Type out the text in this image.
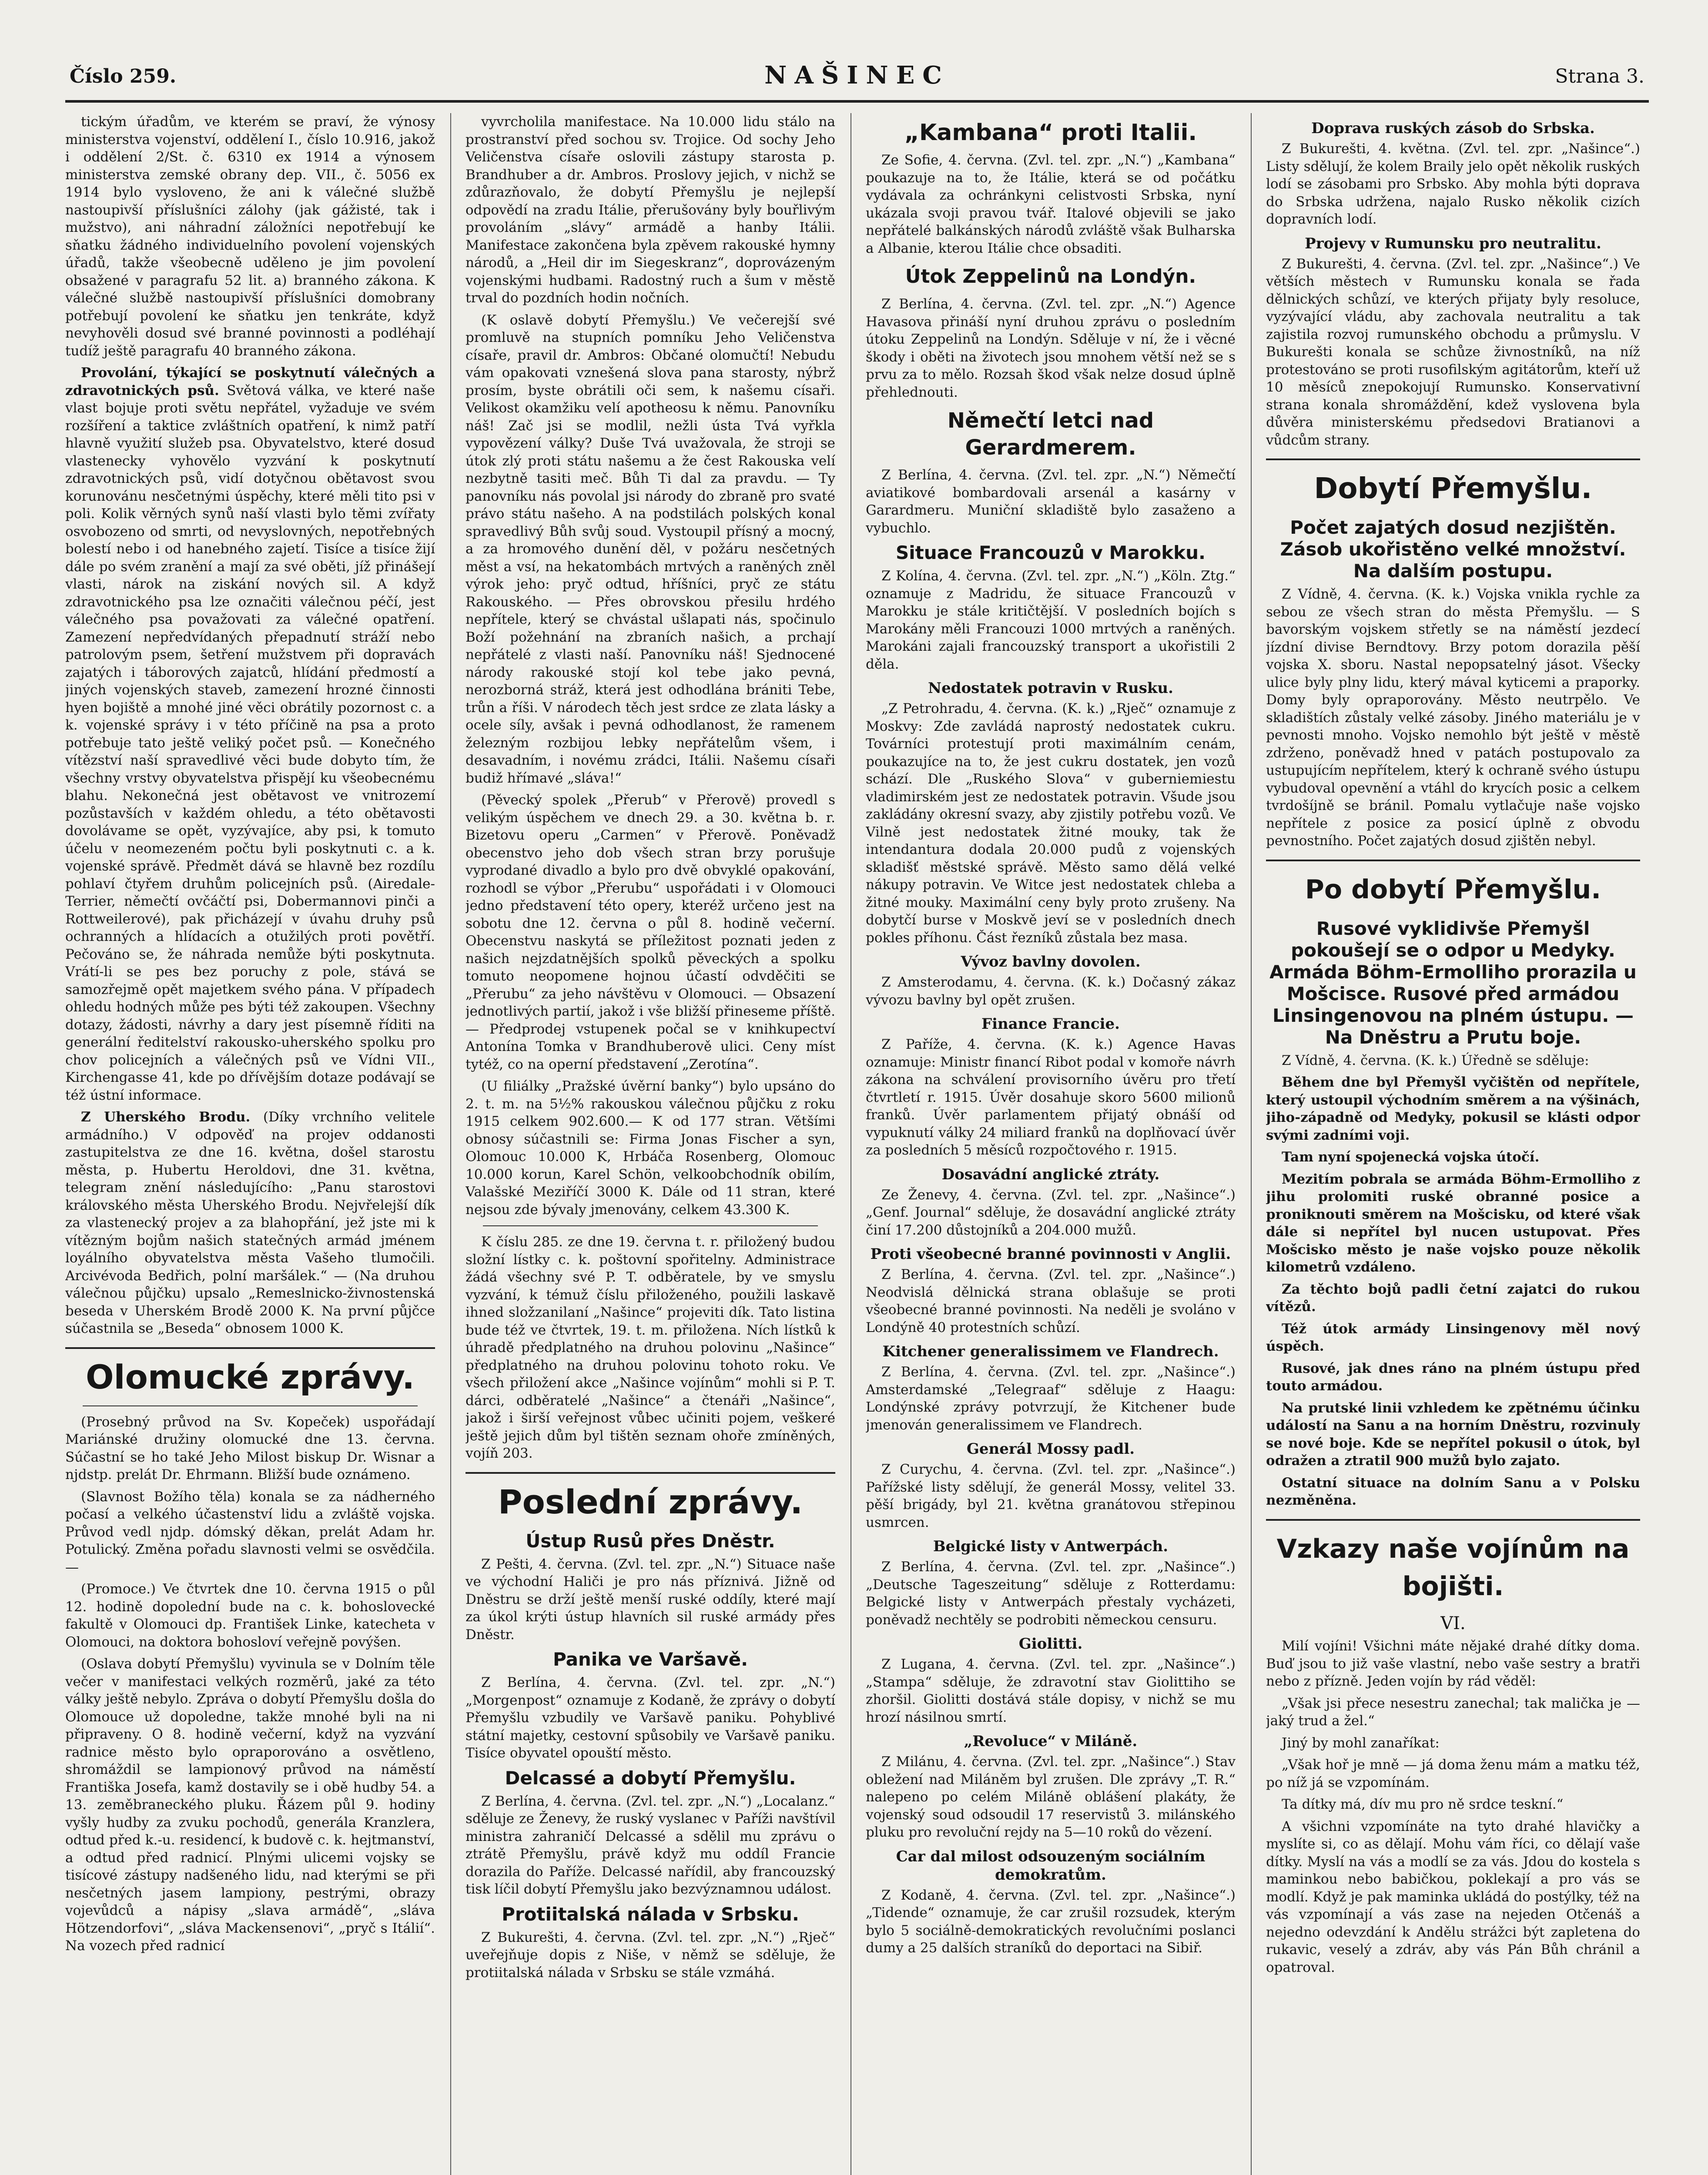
Číslo 259.	NAŠINEC	Strana 3.

tickým úřadům, ve kterém se praví, že výnosy ministerstva vojenství, oddělení I., číslo 10.916, jakož i oddělení 2/St. č. 6310 ex 1914 a výnosem ministerstva zemské obrany dep. VII., č. 5056 ex 1914 bylo vysloveno, že ani k válečné službě nastoupivší příslušníci zálohy (jak gážisté, tak i mužstvo), ani náhradní záložníci nepotřebují ke sňatku žádného individuelního povolení vojenských úřadů, takže všeobecně uděleno je jim povolení obsažené v paragrafu 52 lit. a) branného zákona. K válečné službě nastoupivší příslušníci domobrany potřebují povolení ke sňatku jen tenkráte, když nevyhověli dosud své branné povinnosti a podléhají tudíž ještě paragrafu 40 branného zákona.

Provolání, týkající se poskytnutí válečných a zdravotnických psů. Světová válka, ve které naše vlast bojuje proti světu nepřátel, vyžaduje ve svém rozšíření a taktice zvláštních opatření, k nimž patří hlavně využití služeb psa. Obyvatelstvo, které dosud vlastenecky vyhovělo vyzvání k poskytnutí zdravotnických psů, vidí dotyčnou obětavost svou korunovánu nesčetnými úspěchy, které měli tito psi v poli. Kolik věrných synů naší vlasti bylo těmi zvířaty osvobozeno od smrti, od nevyslovných, nepotřebných bolestí nebo i od hanebného zajetí. Tisíce a tisíce žijí dále po svém zranění a mají za své oběti, jíž přinášejí vlasti, nárok na ziskání nových sil. A když zdravotnického psa lze označiti válečnou péčí, jest válečného psa považovati za válečné opatření. Zamezení nepředvídaných přepadnutí stráží nebo patrolovým psem, šetření mužstvem při dopravách zajatých i táborových zajatců, hlídání předmostí a jiných vojenských staveb, zamezení hrozné činnosti hyen bojiště a mnohé jiné věci obrátily pozornost c. a k. vojenské správy i v této příčině na psa a proto potřebuje tato ještě veliký počet psů. — Konečného vítězství naší spravedlivé věci bude dobyto tím, že všechny vrstvy obyvatelstva přispějí ku všeobecnému blahu. Nekonečná jest obětavost ve vnitrozemí pozůstavších v každém ohledu, a této obětavosti dovolávame se opět, vyzývajíce, aby psi, k tomuto účelu v neomezeném počtu byli poskytnuti c. a k. vojenské správě. Předmět dává se hlavně bez rozdílu pohlaví čtyřem druhům policejních psů. (Airedale-Terrier, němečtí ovčáčtí psi, Dobermannovi pinči a Rottweilerové), pak přicházejí v úvahu druhy psů ochranných a hlídacích a otužilých proti povětří. Pečováno se, že náhrada nemůže býti poskytnuta. Vrátí-li se pes bez poruchy z pole, stává se samozřejmě opět majetkem svého pána. V případech ohledu hodných může pes býti též zakoupen. Všechny dotazy, žádosti, návrhy a dary jest písemně říditi na generální ředitelství rakousko-uherského spolku pro chov policejních a válečných psů ve Vídni VII., Kirchengasse 41, kde po dřívějším dotaze podávají se též ústní informace.

Z Uherského Brodu. (Díky vrchního velitele armádního.) V odpověď na projev oddanosti zastupitelstva ze dne 16. května, došel starostu města, p. Hubertu Heroldovi, dne 31. května, telegram znění následujícího: „Panu starostovi královského města Uherského Brodu. Nejvřelejší dík za vlastenecký projev a za blahopřání, jež jste mi k vítězným bojům našich statečných armád jménem loyálního obyvatelstva města Vašeho tlumočili. Arcivévoda Bedřich, polní maršálek.“ — (Na druhou válečnou půjčku) upsalo „Remeslnicko-živnostenská beseda v Uherském Brodě 2000 K. Na první půjčce súčastnila se „Beseda“ obnosem 1000 K.

Olomucké zprávy.

(Prosebný průvod na Sv. Kopeček) uspořádají Mariánské družiny olomucké dne 13. června. Súčastní se ho také Jeho Milost biskup Dr. Wisnar a njdstp. prelát Dr. Ehrmann. Bližší bude oznámeno.

(Slavnost Božího těla) konala se za nádherného počasí a velkého účastenství lidu a zvláště vojska. Průvod vedl njdp. dómský děkan, prelát Adam hr. Potulický. Změna pořadu slavnosti velmi se osvědčila. —

(Promoce.) Ve čtvrtek dne 10. června 1915 o půl 12. hodině dopolední bude na c. k. bohoslovecké fakultě v Olomouci dp. František Linke, katecheta v Olomouci, na doktora bohosloví veřejně povýšen.

(Oslava dobytí Přemyšlu) vyvinula se v Dolním těle večer v manifestaci velkých rozměrů, jaké za této války ještě nebylo. Zpráva o dobytí Přemyšlu došla do Olomouce už dopoledne, takže mnohé byli na ni připraveny. O 8. hodině večerní, když na vyzvání radnice město bylo opraporováno a osvětleno, shromáždil se lampionový průvod na náměstí Františka Josefa, kamž dostavily se i obě hudby 54. a 13. zeměbraneckého pluku. Řázem půl 9. hodiny vyšly hudby za zvuku pochodů, generála Kranzlera, odtud před k.-u. residencí, k budově c. k. hejtmanství, a odtud před radnicí. Plnými ulicemi vojsky se tisícové zástupy nadšeného lidu, nad kterými se při nesčetných jasem lampiony, pestrými, obrazy vojevůdců a nápisy „slava armádě“, „sláva Hötzendorfovi“, „sláva Mackensenovi“, „pryč s Itálií“. Na vozech před radnicí

vyvrcholila manifestace. Na 10.000 lidu stálo na prostranství před sochou sv. Trojice. Od sochy Jeho Veličenstva císaře oslovili zástupy starosta p. Brandhuber a dr. Ambros. Proslovy jejich, v nichž se zdůrazňovalo, že dobytí Přemyšlu je nejlepší odpovědí na zradu Itálie, přerušovány byly bouřlivým provoláním „slávy“ armádě a hanby Itálii. Manifestace zakončena byla zpěvem rakouské hymny národů, a „Heil dir im Siegeskranz“, doprovázeným vojenskými hudbami. Radostný ruch a šum v městě trval do pozdních hodin nočních.

(K oslavě dobytí Přemyšlu.) Ve večerejší své promluvě na stupních pomníku Jeho Veličenstva císaře, pravil dr. Ambros: Občané olomučtí! Nebudu vám opakovati vznešená slova pana starosty, nýbrž prosím, byste obrátili oči sem, k našemu císaři. Velikost okamžiku velí apotheosu k němu. Panovníku náš! Zač jsi se modlil, nežli ústa Tvá vyřkla vypovězení války? Duše Tvá uvažovala, že stroji se útok zlý proti státu našemu a že čest Rakouska velí nezbytně tasiti meč. Bůh Ti dal za pravdu. — Ty panovníku nás povolal jsi národy do zbraně pro svaté právo státu našeho. A na podstilách polských konal spravedlivý Bůh svůj soud. Vystoupil přísný a mocný, a za hromového dunění děl, v požáru nesčetných měst a vsí, na hekatombách mrtvých a raněných zněl výrok jeho: pryč odtud, hříšníci, pryč ze státu Rakouského. — Přes obrovskou přesilu hrdého nepřítele, který se chvástal ušlapati nás, spočinulo Boží požehnání na zbraních našich, a prchají nepřátelé z vlasti naší. Panovníku náš! Sjednocené národy rakouské stojí kol tebe jako pevná, nerozborná stráž, která jest odhodlána brániti Tebe, trůn a říši. V národech těch jest srdce ze zlata lásky a ocele síly, avšak i pevná odhodlanost, že ramenem železným rozbijou lebky nepřátelům všem, i desavadním, i novému zrádci, Itálii. Našemu císaři budiž hřímavé „sláva!“

(Pěvecký spolek „Přerub“ v Přerově) provedl s velikým úspěchem ve dnech 29. a 30. května b. r. Bizetovu operu „Carmen“ v Přerově. Poněvadž obecenstvo jeho dob všech stran brzy porušuje vyprodané divadlo a bylo pro dvě obvyklé opakování, rozhodl se výbor „Přerubu“ uspořádati i v Olomouci jedno představení této opery, kteréž určeno jest na sobotu dne 12. června o půl 8. hodině večerní. Obecenstvu naskytá se příležitost poznati jeden z našich nejzdatnějších spolků pěveckých a spolku tomuto neopomene hojnou účastí odvděčiti se „Přerubu“ za jeho návštěvu v Olomouci. — Obsazení jednotlivých partií, jakož i vše bližší přineseme příště. — Předprodej vstupenek počal se v knihkupectví Antonína Tomka v Brandhuberově ulici. Ceny míst tytéž, co na operní představení „Zerotína“.

(U filiálky „Pražské úvěrní banky“) bylo upsáno do 2. t. m. na 5½% rakouskou válečnou půjčku z roku 1915 celkem 902.600.— K od 177 stran. Většími obnosy súčastnili se: Firma Jonas Fischer a syn, Olomouc 10.000 K, Hrbáča Rosenberg, Olomouc 10.000 korun, Karel Schön, velkoobchodník obilím, Valašské Meziříčí 3000 K. Dále od 11 stran, které nejsou zde bývaly jmenovány, celkem 43.300 K.

K číslu 285. ze dne 19. června t. r. přiložený budou složní lístky c. k. poštovní spořitelny. Administrace žádá všechny své P. T. odběratele, by ve smyslu vyzvání, k témuž číslu přiloženého, použili laskavě ihned složzanilaní „Našince“ projeviti dík. Tato listina bude též ve čtvrtek, 19. t. m. přiložena. Ních lístků k úhradě předplatného na druhou polovinu „Našince“ předplatného na druhou polovinu tohoto roku. Ve všech přiložení akce „Našince vojínům“ mohli si P. T. dárci, odběratelé „Našince“ a čtenáři „Našince“, jakož i širší veřejnost vůbec učiniti pojem, veškeré ještě jejich dům byl tištěn seznam ohoře zmíněných, vojíň 203.

Poslední zprávy.
Ústup Rusů přes Dněstr.

Z Pešti, 4. června. (Zvl. tel. zpr. „N.“) Situace naše ve východní Haliči je pro nás příznivá. Jižně od Dněstru se drží ještě menší ruské oddíly, které mají za úkol krýti ústup hlavních sil ruské armády přes Dněstr.

Panika ve Varšavě.

Z Berlína, 4. června. (Zvl. tel. zpr. „N.“) „Morgenpost“ oznamuje z Kodaně, že zprávy o dobytí Přemyšlu vzbudily ve Varšavě paniku. Pohyblivé státní majetky, cestovní spůsobily ve Varšavě paniku. Tisíce obyvatel opouští město.

Delcassé a dobytí Přemyšlu.

Z Berlína, 4. června. (Zvl. tel. zpr. „N.“) „Localanz.“ sděluje ze Ženevy, že ruský vyslanec v Paříži navštívil ministra zahraničí Delcassé a sdělil mu zprávu o ztrátě Přemyšlu, právě když mu oddíl Francie dorazila do Paříže. Delcassé nařídil, aby francouzský tisk líčil dobytí Přemyšlu jako bezvýznamnou událost.

Protiitalská nálada v Srbsku.

Z Bukurešti, 4. června. (Zvl. tel. zpr. „N.“) „Rječ“ uveřejňuje dopis z Niše, v němž se sděluje, že protiitalská nálada v Srbsku se stále vzmáhá.

„Kambana“ proti Italii.

Ze Sofie, 4. června. (Zvl. tel. zpr. „N.“) „Kambana“ poukazuje na to, že Itálie, která se od počátku vydávala za ochránkyni celistvosti Srbska, nyní ukázala svoji pravou tvář. Italové objevili se jako nepřátelé balkánských národů zvláště však Bulharska a Albanie, kterou Itálie chce obsaditi.

Útok Zeppelinů na Londýn.

Z Berlína, 4. června. (Zvl. tel. zpr. „N.“) Agence Havasova přináší nyní druhou zprávu o posledním útoku Zeppelinů na Londýn. Sděluje v ní, že i věcné škody i oběti na životech jsou mnohem větší než se s prvu za to mělo. Rozsah škod však nelze dosud úplně přehlednouti.

Němečtí letci nad Gerardmerem.

Z Berlína, 4. června. (Zvl. tel. zpr. „N.“) Němečtí aviatikové bombardovali arsenál a kasárny v Garardmeru. Muniční skladiště bylo zasaženo a vybuchlo.

Situace Francouzů v Marokku.

Z Kolína, 4. června. (Zvl. tel. zpr. „N.“) „Köln. Ztg.“ oznamuje z Madridu, že situace Francouzů v Marokku je stále kritičtější. V posledních bojích s Marokány měli Francouzi 1000 mrtvých a raněných. Marokáni zajali francouzský transport a ukořistili 2 děla.

Nedostatek potravin v Rusku.

„Z Petrohradu, 4. června. (K. k.) „Rječ“ oznamuje z Moskvy: Zde zavládá naprostý nedostatek cukru. Továrníci protestují proti maximálním cenám, poukazujíce na to, že jest cukru dostatek, jen vozů schází. Dle „Ruského Slova“ v guberniemiestu vladimirském jest ze nedostatek potravin. Všude jsou zakládány okresní svazy, aby zjistily potřebu vozů. Ve Vilně jest nedostatek žitné mouky, tak že intendantura dodala 20.000 pudů z vojenských skladišť městské správě. Město samo dělá velké nákupy potravin. Ve Witce jest nedostatek chleba a žitné mouky. Maximální ceny byly proto zrušeny. Na dobytčí burse v Moskvě jeví se v posledních dnech pokles příhonu. Část řezníků zůstala bez masa.

Vývoz bavlny dovolen.

Z Amsterodamu, 4. června. (K. k.) Dočasný zákaz vývozu bavlny byl opět zrušen.

Finance Francie.

Z Paříže, 4. června. (K. k.) Agence Havas oznamuje: Ministr financí Ribot podal v komoře návrh zákona na schválení provisorního úvěru pro třetí čtvrtletí r. 1915. Úvěr dosahuje skoro 5600 milionů franků. Úvěr parlamentem přijatý obnáší od vypuknutí války 24 miliard franků na doplňovací úvěr za posledních 5 měsíců rozpočtového r. 1915.

Dosavádní anglické ztráty.

Ze Ženevy, 4. června. (Zvl. tel. zpr. „Našince“.) „Genf. Journal“ sděluje, že dosavádní anglické ztráty činí 17.200 důstojníků a 204.000 mužů.

Proti všeobecné branné povinnosti v Anglii.

Z Berlína, 4. června. (Zvl. tel. zpr. „Našince“.) Neodvislá dělnická strana oblašuje se proti všeobecné branné povinnosti. Na neděli je svoláno v Londýně 40 protestních schůzí.

Kitchener generalissimem ve Flandrech.

Z Berlína, 4. června. (Zvl. tel. zpr. „Našince“.) Amsterdamské „Telegraaf“ sděluje z Haagu: Londýnské zprávy potvrzují, že Kitchener bude jmenován generalissimem ve Flandrech.

Generál Mossy padl.

Z Curychu, 4. června. (Zvl. tel. zpr. „Našince“.) Pařížské listy sdělují, že generál Mossy, velitel 33. pěší brigády, byl 21. května granátovou střepinou usmrcen.

Belgické listy v Antwerpách.

Z Berlína, 4. června. (Zvl. tel. zpr. „Našince“.) „Deutsche Tageszeitung“ sděluje z Rotterdamu: Belgické listy v Antwerpách přestaly vycházeti, poněvadž nechtěly se podrobiti německou censuru.

Giolitti.

Z Lugana, 4. června. (Zvl. tel. zpr. „Našince“.) „Stampa“ sděluje, že zdravotní stav Giolittiho se zhoršil. Giolitti dostává stále dopisy, v nichž se mu hrozí násilnou smrtí.

„Revoluce“ v Miláně.

Z Milánu, 4. června. (Zvl. tel. zpr. „Našince“.) Stav obležení nad Miláněm byl zrušen. Dle zprávy „T. R.“ nalepeno po celém Miláně oblášení plakáty, že vojenský soud odsoudil 17 reservistů 3. milánského pluku pro revoluční rejdy na 5—10 roků do vězení.

Car dal milost odsouzeným sociálním demokratům.

Z Kodaně, 4. června. (Zvl. tel. zpr. „Našince“.) „Tidende“ oznamuje, že car zrušil rozsudek, kterým bylo 5 sociálně-demokratických revolučními poslanci dumy a 25 dalších straníků do deportaci na Sibiř.

Doprava ruských zásob do Srbska.

Z Bukurešti, 4. května. (Zvl. tel. zpr. „Našince“.) Listy sdělují, že kolem Braily jelo opět několik ruských lodí se zásobami pro Srbsko. Aby mohla býti doprava do Srbska udržena, najalo Rusko několik cizích dopravních lodí.

Projevy v Rumunsku pro neutralitu.

Z Bukurešti, 4. června. (Zvl. tel. zpr. „Našince“.) Ve větších městech v Rumunsku konala se řada dělnických schůzí, ve kterých přijaty byly resoluce, vyzývající vládu, aby zachovala neutralitu a tak zajistila rozvoj rumunského obchodu a průmyslu. V Bukurešti konala se schůze živnostníků, na níž protestováno se proti rusofilským agitátorům, kteří už 10 měsíců znepokojují Rumunsko. Konservativní strana konala shromáždění, kdež vyslovena byla důvěra ministerskému předsedovi Bratianovi a vůdcům strany.

Dobytí Přemyšlu.
Počet zajatých dosud nezjištěn. Zásob ukořistěno velké množství. Na dalším postupu.

Z Vídně, 4. června. (K. k.) Vojska vnikla rychle za sebou ze všech stran do města Přemyšlu. — S bavorským vojskem střetly se na náměstí jezdecí jízdní divise Berndtovy. Brzy potom dorazila pěší vojska X. sboru. Nastal nepopsatelný jásot. Všecky ulice byly plny lidu, který mával kyticemi a praporky. Domy byly opraporovány. Město neutrpělo. Ve skladištích zůstaly velké zásoby. Jiného materiálu je v pevnosti mnoho. Vojsko nemohlo být ještě v městě zdrženo, poněvadž hned v patách postupovalo za ustupujícím nepřítelem, který k ochraně svého ústupu vybudoval opevnění a vtáhl do krycích posic a celkem tvrdošíjně se bránil. Pomalu vytlačuje naše vojsko nepřítele z posice za posicí úplně z obvodu pevnostního. Počet zajatých dosud zjištěn nebyl.

Po dobytí Přemyšlu.
Rusové vyklidivše Přemyšl pokoušejí se o odpor u Medyky. Armáda Böhm-Ermolliho prorazila u Mošcisce. Rusové před armádou Linsingenovou na plném ústupu. — Na Dněstru a Prutu boje.

Z Vídně, 4. června. (K. k.) Úředně se sděluje:

Během dne byl Přemyšl vyčištěn od nepřítele, který ustoupil východním směrem a na výšinách, jiho-západně od Medyky, pokusil se klásti odpor svými zadními voji.

Tam nyní spojenecká vojska útočí.

Mezitím pobrala se armáda Böhm-Ermolliho z jihu prolomiti ruské obranné posice a proniknouti směrem na Mošcisku, od které však dále si nepřítel byl nucen ustupovat. Přes Mošcisko město je naše vojsko pouze několik kilometrů vzdáleno.

Za těchto bojů padli četní zajatci do rukou vítězů.

Též útok armády Linsingenovy měl nový úspěch.

Rusové, jak dnes ráno na plném ústupu před touto armádou.

Na prutské linii vzhledem ke zpětnému účinku událostí na Sanu a na horním Dněstru, rozvinuly se nové boje. Kde se nepřítel pokusil o útok, byl odražen a ztratil 900 mužů bylo zajato.

Ostatní situace na dolním Sanu a v Polsku nezměněna.

Vzkazy naše vojínům na bojišti.
VI.

Milí vojíni! Všichni máte nějaké drahé dítky doma. Buď jsou to již vaše vlastní, nebo vaše sestry a bratři nebo z přízně. Jeden vojín by rád věděl:

„Však jsi přece nesestru zanechal; tak malička je — jaký trud a žel.“

Jiný by mohl zanaříkat:

„Však hoř je mně — já doma ženu mám a matku též, po níž já se vzpomínám.

Ta dítky má, dív mu pro ně srdce teskní.“

A všichni vzpomínáte na tyto drahé hlavičky a myslíte si, co as dělají. Mohu vám říci, co dělají vaše dítky. Myslí na vás a modlí se za vás. Jdou do kostela s maminkou nebo babičkou, poklekají a pro vás se modlí. Když je pak maminka ukládá do postýlky, též na vás vzpomínají a vás zase na nejeden Otčenáš a nejedno odevzdání k Andělu strážci být zapletena do rukavic, veselý a zdráv, aby vás Pán Bůh chránil a opatroval.
